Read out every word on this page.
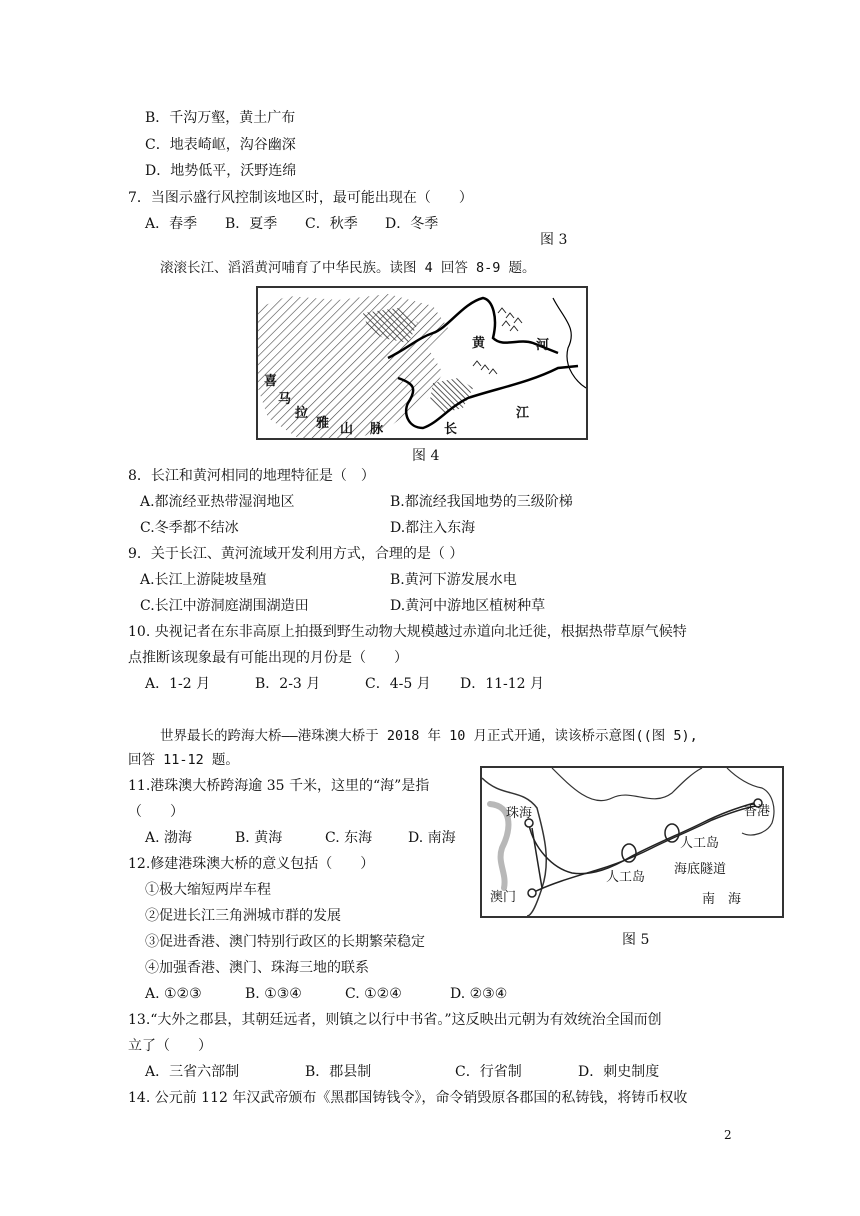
B．千沟万壑，黄土广布
C．地表崎岖，沟谷幽深
D．地势低平，沃野连绵
7．当图示盛行风控制该地区时，最可能出现在（　　）
A．春季 B．夏季 C．秋季 D．冬季
图 3
滚滚长江、滔滔黄河哺育了中华民族。读图 4 回答 8-9 题。
黄	河
喜
马
拉
雅 山 脉	长
江
图 4
8．长江和黄河相同的地理特征是（　）
A.都流经亚热带湿润地区	B.都流经我国地势的三级阶梯
C.冬季都不结冰	D.都注入东海
9．关于长江、黄河流域开发利用方式，合理的是（ ）
A.长江上游陡坡垦殖	B.黄河下游发展水电
C.长江中游洞庭湖围湖造田	D.黄河中游地区植树种草
10. 央视记者在东非高原上拍摄到野生动物大规模越过赤道向北迁徙，根据热带草原气候特
点推断该现象最有可能出现的月份是（　　）
A．1-2 月	B．2-3 月	C．4-5 月 D．11-12 月
世界最长的跨海大桥——港珠澳大桥于 2018 年 10 月正式开通，读该桥示意图((图 5),
回答 11-12 题。
11.港珠澳大桥跨海逾 35 千米，这里的“海”是指
（　　）
A. 渤海	B. 黄海	C. 东海	D. 南海
12.修建港珠澳大桥的意义包括（　　）
①极大缩短两岸车程
②促进长江三角洲城市群的发展
③促进香港、澳门特别行政区的长期繁荣稳定
④加强香港、澳门、珠海三地的联系
A. ①②③	B. ①③④	C. ①②④	D. ②③④
珠海	香港
澳门
人工岛
人工岛
海底隧道
南　海
图 5
13.“大外之郡县，其朝廷远者，则镇之以行中书省。”这反映出元朝为有效统治全国而创
立了（　　）
A．三省六部制	B．郡县制	C．行省制	D．刺史制度
14. 公元前 112 年汉武帝颁布《黑郡国铸钱令》，命令销毁原各郡国的私铸钱，将铸币权收
2
